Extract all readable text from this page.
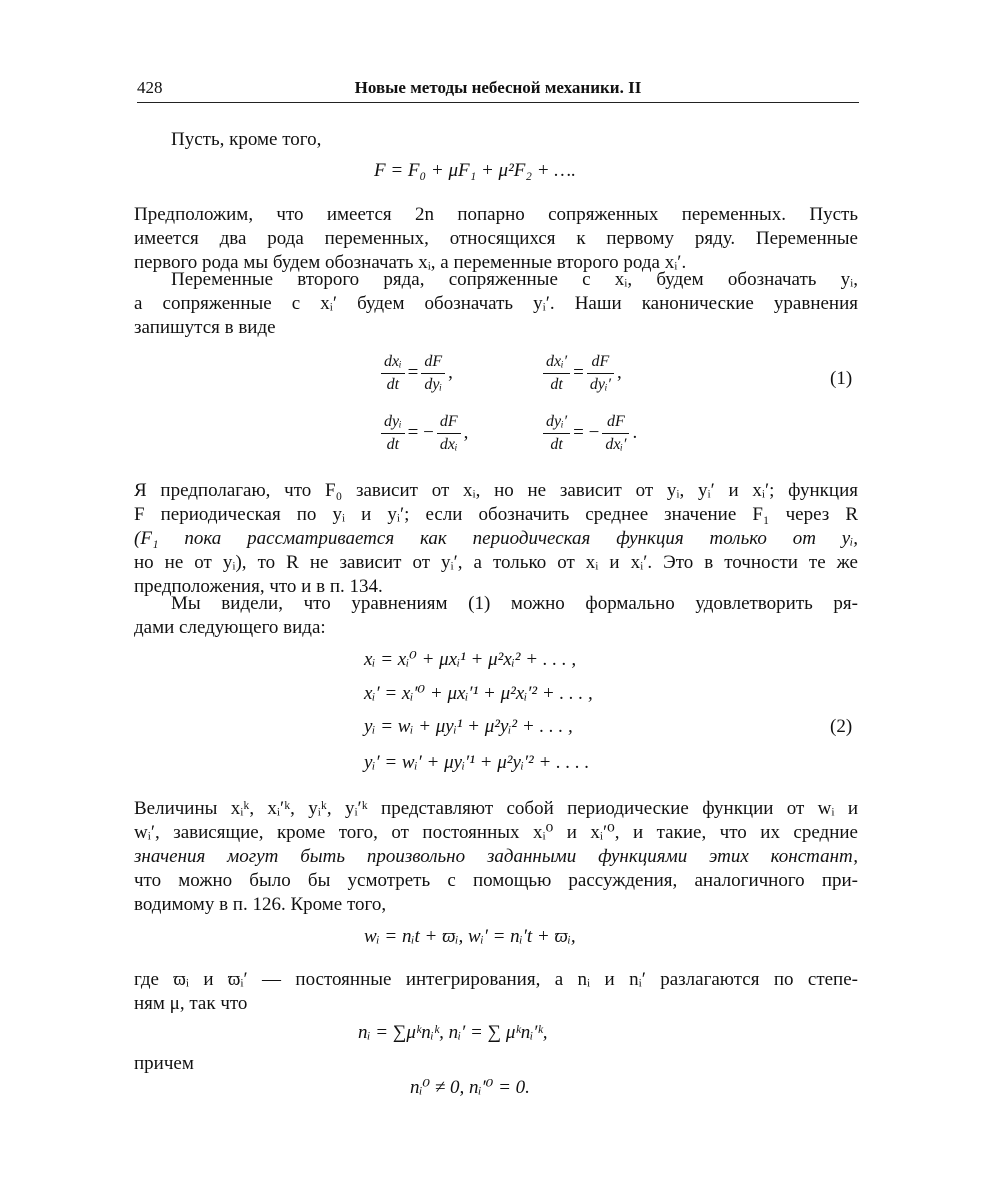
428	Новые методы небесной механики. II
Пусть, кроме того,
F = F₀ + μF₁ + μ²F₂ + ….
Предположим, что имеется 2n попарно сопряженных переменных. Пусть
имеется два рода переменных, относящихся к первому ряду. Переменные
первого рода мы будем обозначать xᵢ, а переменные второго рода xᵢ′.
Переменные второго ряда, сопряженные с xᵢ, будем обозначать yᵢ,
а сопряженные с xᵢ′ будем обозначать yᵢ′. Наши канонические уравнения
запишутся в виде
$\frac{\text{dxᵢ}}{dt} = \frac{dF}{\text{dyᵢ}}$ ,	$\frac{\text{dxᵢ′}}{dt} = \frac{dF}{\text{dyᵢ′}}$ ,	(1)
$\frac{\text{dyᵢ}}{dt}$ = − $\frac{dF}{\text{dxᵢ}}$ ,	$\frac{\text{dyᵢ′}}{dt}$ = − $\frac{dF}{\text{dxᵢ′}}$ .
Я предполагаю, что F₀ зависит от xᵢ, но не зависит от yᵢ, yᵢ′ и xᵢ′; функция
F периодическая по yᵢ и yᵢ′; если обозначить среднее значение F₁ через R
(F₁ пока рассматривается как периодическая функция только от yᵢ,
но не от yᵢ), то R не зависит от yᵢ′, а только от xᵢ и xᵢ′. Это в точности те же
предположения, что и в п. 134.
Мы видели, что уравнениям (1) можно формально удовлетворить ря-
дами следующего вида:
xᵢ = xᵢ⁰ + μxᵢ¹ + μ²xᵢ² + . . . ,
xᵢ′ = xᵢ′⁰ + μxᵢ′¹ + μ²xᵢ′² + . . . ,
yᵢ = wᵢ + μyᵢ¹ + μ²yᵢ² + . . . ,
yᵢ′ = wᵢ′ + μyᵢ′¹ + μ²yᵢ′² + . . . .
(2)
Величины xᵢᵏ, xᵢ′ᵏ, yᵢᵏ, yᵢ′ᵏ представляют собой периодические функции от wᵢ и
wᵢ′, зависящие, кроме того, от постоянных xᵢ⁰ и xᵢ′⁰, и такие, что их средние
значения могут быть произвольно заданными функциями этих констант,
что можно было бы усмотреть с помощью рассуждения, аналогичного при-
водимому в п. 126. Кроме того,
wᵢ = nᵢt + ϖᵢ, wᵢ′ = nᵢ′t + ϖᵢ,
где ϖᵢ и ϖᵢ′ — постоянные интегрирования, а nᵢ и nᵢ′ разлагаются по степе-
ням μ, так что
nᵢ = ∑μᵏnᵢᵏ, nᵢ′ = ∑ μᵏnᵢ′ᵏ,
причем
nᵢ⁰ ≠ 0, nᵢ′⁰ = 0.
